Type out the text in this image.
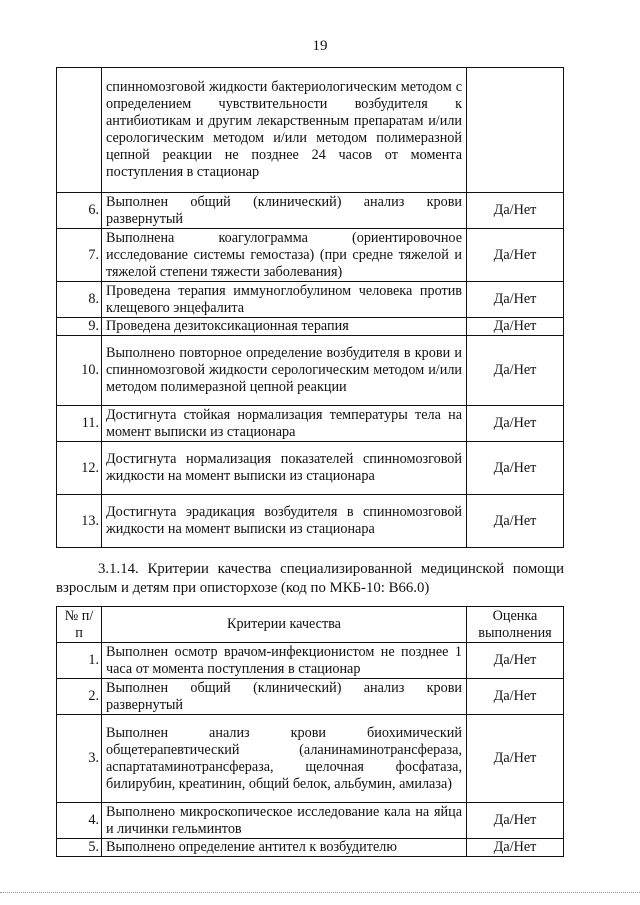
19
	спинномозговой жидкости бактериологическим методом с определением чувствительности возбудителя к антибиотикам и другим лекарственным препаратам и/или серологическим методом и/или методом полимеразной цепной реакции не позднее 24 часов от момента поступления в стационар	
6.	Выполнен общий (клинический) анализ крови развернутый	Да/Нет
7.	Выполнена коагулограмма (ориентировочное исследование системы гемостаза) (при средне тяжелой и тяжелой степени тяжести заболевания)	Да/Нет
8.	Проведена терапия иммуноглобулином человека против клещевого энцефалита	Да/Нет
9.	Проведена дезитоксикационная терапия	Да/Нет
10.	Выполнено повторное определение возбудителя в крови и спинномозговой жидкости серологическим методом и/или методом полимеразной цепной реакции	Да/Нет
11.	Достигнута стойкая нормализация температуры тела на момент выписки из стационара	Да/Нет
12.	Достигнута нормализация показателей спинномозговой жидкости на момент выписки из стационара	Да/Нет
13.	Достигнута эрадикация возбудителя в спинномозговой жидкости на момент выписки из стационара	Да/Нет
3.1.14. Критерии качества специализированной медицинской помощи взрослым и детям при описторхозе (код по МКБ-10: B66.0)
№ п/п	Критерии качества	Оценка выполнения
1.	Выполнен осмотр врачом-инфекционистом не позднее 1 часа от момента поступления в стационар	Да/Нет
2.	Выполнен общий (клинический) анализ крови развернутый	Да/Нет
3.	Выполнен анализ крови биохимический общетерапевтический (аланинаминотрансфераза, аспартатаминотрансфераза, щелочная фосфатаза, билирубин, креатинин, общий белок, альбумин, амилаза)	Да/Нет
4.	Выполнено микроскопическое исследование кала на яйца и личинки гельминтов	Да/Нет
5.	Выполнено определение антител к возбудителю	Да/Нет
